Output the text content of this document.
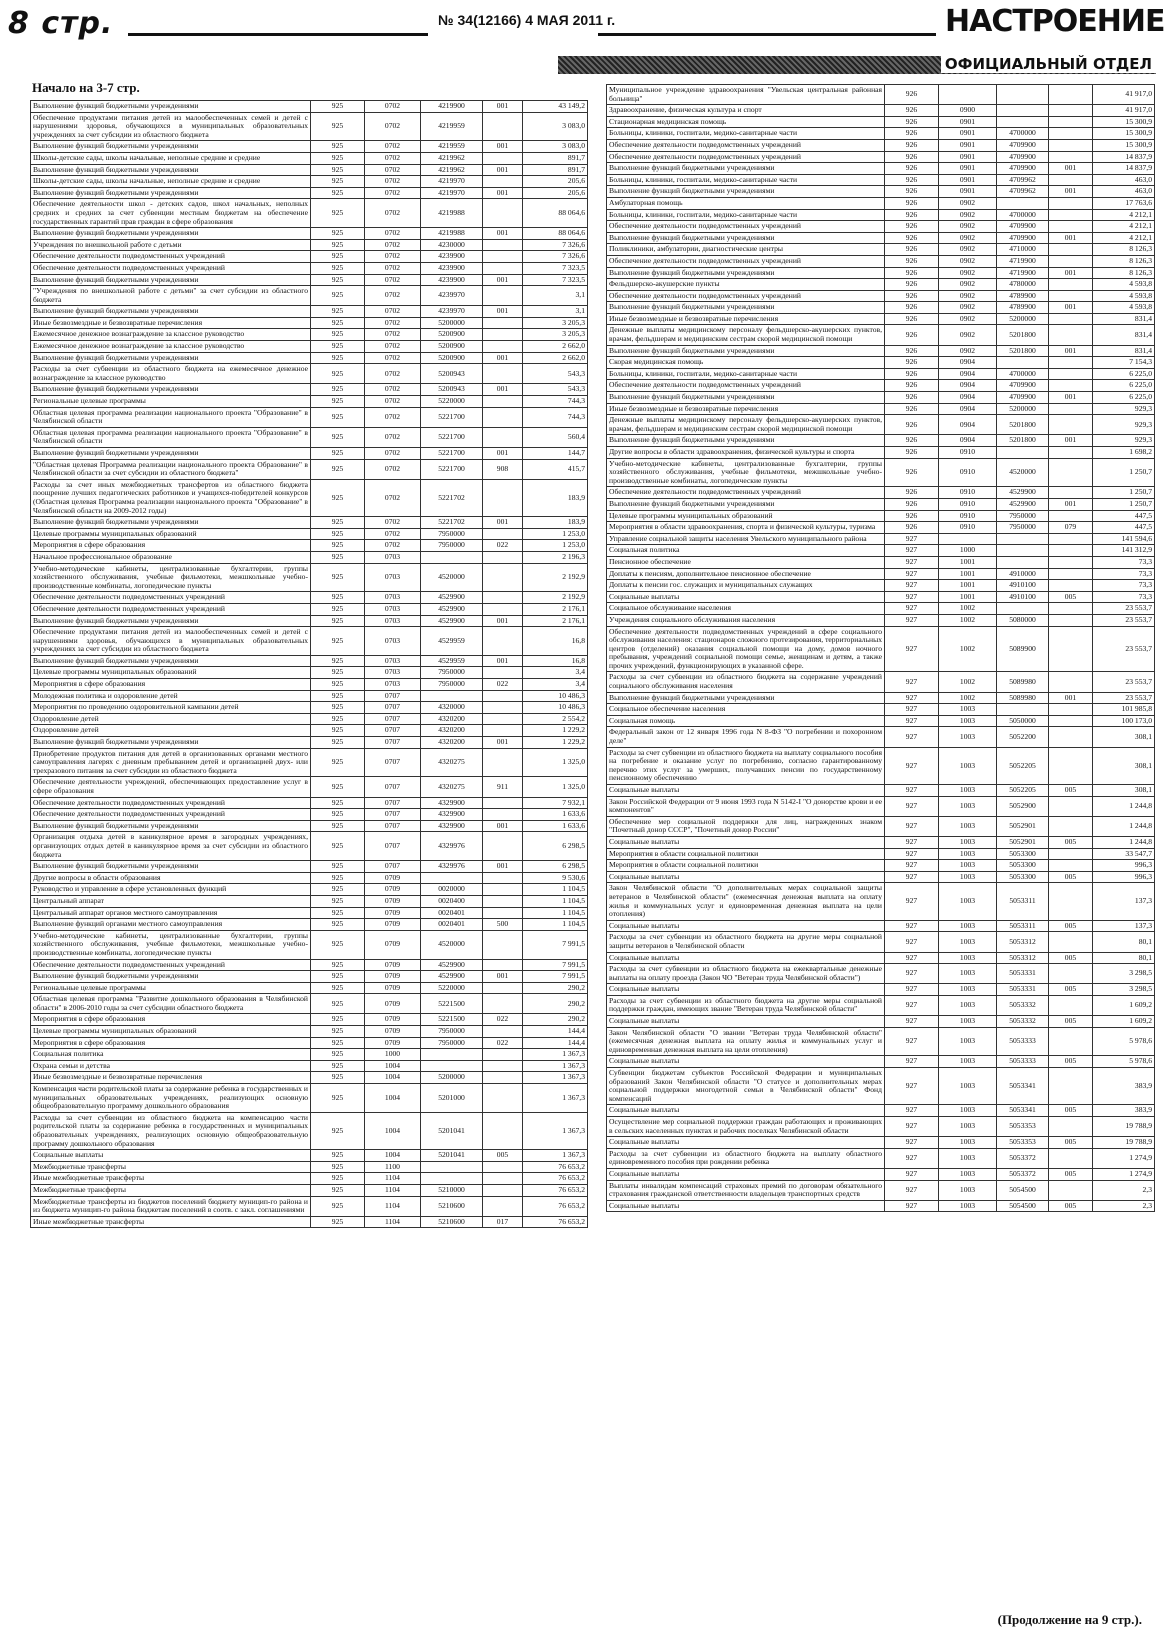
8 стр.	№ 34(12166) 4 МАЯ 2011 г.	НАСТРОЕНИЕ
ОФИЦИАЛЬНЫЙ ОТДЕЛ
Начало на 3-7 стр.
Выполнение функций бюджетными учреждениями	925	0702	4219900	001	43 149,2
Обеспечение продуктами питания детей из малообеспеченных семей и детей с нарушениями здоровья, обучающихся в муниципальных образовательных учреждениях за счет субсидии из областного бюджета	925	0702	4219959		3 083,0
Выполнение функций бюджетными учреждениями	925	0702	4219959	001	3 083,0
Школы-детские сады, школы начальные, неполные средние и средние	925	0702	4219962		891,7
Выполнение функций бюджетными учреждениями	925	0702	4219962	001	891,7
Школы-детские сады, школы начальные, неполные средние и средние	925	0702	4219970		205,6
Выполнение функций бюджетными учреждениями	925	0702	4219970	001	205,6
Обеспечение деятельности школ - детских садов, школ начальных, неполных средних и средних за счет субвенции местным бюджетам на обеспечение государственных гарантий прав граждан в сфере образования	925	0702	4219988		88 064,6
Выполнение функций бюджетными учреждениями	925	0702	4219988	001	88 064,6
Учреждения по внешкольной работе с детьми	925	0702	4230000		7 326,6
Обеспечение деятельности подведомственных учреждений	925	0702	4239900		7 326,6
Обеспечение деятельности подведомственных учреждений	925	0702	4239900		7 323,5
Выполнение функций бюджетными учреждениями	925	0702	4239900	001	7 323,5
"Учреждения по внешкольной работе с детьми" за счет субсидии из областного бюджета	925	0702	4239970		3,1
Выполнение функций бюджетными учреждениями	925	0702	4239970	001	3,1
Иные безвозмездные и безвозвратные перечисления	925	0702	5200000		3 205,3
Ежемесячное денежное вознаграждение за классное руководство	925	0702	5200900		3 205,3
Ежемесячное денежное вознаграждение за классное руководство	925	0702	5200900		2 662,0
Выполнение функций бюджетными учреждениями	925	0702	5200900	001	2 662,0
Расходы за счет субвенции из областного бюджета на ежемесячное денежное вознаграждение за классное руководство	925	0702	5200943		543,3
Выполнение функций бюджетными учреждениями	925	0702	5200943	001	543,3
Региональные целевые программы	925	0702	5220000		744,3
Областная целевая программа реализации национального проекта "Образование" в Челябинской области	925	0702	5221700		744,3
Областная целевая программа реализации национального проекта "Образование" в Челябинской области	925	0702	5221700		560,4
Выполнение функций бюджетными учреждениями	925	0702	5221700	001	144,7
"Областная целевая Программа реализации национального проекта Образование" в Челябинской области за счет субсидии из областного бюджета"	925	0702	5221700	908	415,7
Расходы за счет иных межбюджетных трансфертов из областного бюджета поощрение лучших педагогических работников и учащихся-победителей конкурсов (Областная целевая Программа реализации национального проекта "Образование" в Челябинской области на 2009-2012 годы)	925	0702	5221702		183,9
Выполнение функций бюджетными учреждениями	925	0702	5221702	001	183,9
Целевые программы муниципальных образований	925	0702	7950000		1 253,0
Мероприятия в сфере образования	925	0702	7950000	022	1 253,0
Начальное профессиональное образование	925	0703			2 196,3
Учебно-методические кабинеты, централизованные бухгалтерии, группы хозяйственного обслуживания, учебные фильмотеки, межшкольные учебно-производственные комбинаты, логопедические пункты	925	0703	4520000		2 192,9
Обеспечение деятельности подведомственных учреждений	925	0703	4529900		2 192,9
Обеспечение деятельности подведомственных учреждений	925	0703	4529900		2 176,1
Выполнение функций бюджетными учреждениями	925	0703	4529900	001	2 176,1
Обеспечение продуктами питания детей из малообеспеченных семей и детей с нарушениями здоровья, обучающихся в муниципальных образовательных учреждениях за счет субсидии из областного бюджета	925	0703	4529959		16,8
Выполнение функций бюджетными учреждениями	925	0703	4529959	001	16,8
Целевые программы муниципальных образований	925	0703	7950000		3,4
Мероприятия в сфере образования	925	0703	7950000	022	3,4
Молодежная политика и оздоровление детей	925	0707			10 486,3
Мероприятия по проведению оздоровительной кампании детей	925	0707	4320000		10 486,3
Оздоровление детей	925	0707	4320200		2 554,2
Оздоровление детей	925	0707	4320200		1 229,2
Выполнение функций бюджетными учреждениями	925	0707	4320200	001	1 229,2
Приобретение продуктов питания для детей в организованных органами местного самоуправления лагерях с дневным пребыванием детей и организацией двух- или трехразового питания за счет субсидии из областного бюджета	925	0707	4320275		1 325,0
Обеспечение деятельности учреждений, обеспечивающих предоставление услуг в сфере образования	925	0707	4320275	911	1 325,0
Обеспечение деятельности подведомственных учреждений	925	0707	4329900		7 932,1
Обеспечение деятельности подведомственных учреждений	925	0707	4329900		1 633,6
Выполнение функций бюджетными учреждениями	925	0707	4329900	001	1 633,6
Организация отдыха детей в каникулярное время в загородных учреждениях, организующих отдых детей в каникулярное время за счет субсидии из областного бюджета	925	0707	4329976		6 298,5
Выполнение функций бюджетными учреждениями	925	0707	4329976	001	6 298,5
Другие вопросы в области образования	925	0709			9 530,6
Руководство и управление в сфере установленных функций	925	0709	0020000		1 104,5
Центральный аппарат	925	0709	0020400		1 104,5
Центральный аппарат органов местного самоуправления	925	0709	0020401		1 104,5
Выполнение функций органами местного самоуправления	925	0709	0020401	500	1 104,5
Учебно-методические кабинеты, централизованные бухгалтерии, группы хозяйственного обслуживания, учебные фильмотеки, межшкольные учебно-производственные комбинаты, логопедические пункты	925	0709	4520000		7 991,5
Обеспечение деятельности подведомственных учреждений	925	0709	4529900		7 991,5
Выполнение функций бюджетными учреждениями	925	0709	4529900	001	7 991,5
Региональные целевые программы	925	0709	5220000		290,2
Областная целевая программа "Развитие дошкольного образования в Челябинской области" в 2006-2010 годы за счет субсидии областного бюджета	925	0709	5221500		290,2
Мероприятия в сфере образования	925	0709	5221500	022	290,2
Целевые программы муниципальных образований	925	0709	7950000		144,4
Мероприятия в сфере образования	925	0709	7950000	022	144,4
Социальная политика	925	1000			1 367,3
Охрана семьи и детства	925	1004			1 367,3
Иные безвозмездные и безвозвратные перечисления	925	1004	5200000		1 367,3
Компенсация части родительской платы за содержание ребенка в государственных и муниципальных образовательных учреждениях, реализующих основную общеобразовательную программу дошкольного образования	925	1004	5201000		1 367,3
Расходы за счет субвенции из областного бюджета на компенсацию части родительской платы за содержание ребенка в государственных и муниципальных образовательных учреждениях, реализующих основную общеобразовательную программу дошкольного образования	925	1004	5201041		1 367,3
Социальные выплаты	925	1004	5201041	005	1 367,3
Межбюджетные трансферты	925	1100			76 653,2
Иные межбюджетные трансферты	925	1104			76 653,2
Межбюджетные трансферты	925	1104	5210000		76 653,2
Межбюджетные трансферты из бюджетов поселений бюджету муницип-го района и из бюджета муницип-го района бюджетам поселений в соотв. с закл. соглашениями	925	1104	5210600		76 653,2
Иные межбюджетные трансферты	925	1104	5210600	017	76 653,2
Муниципальное учреждение здравоохранения "Увельская центральная районная больница"	926				41 917,0
Здравоохранение, физическая культура и спорт	926	0900			41 917,0
Стационарная медицинская помощь	926	0901			15 300,9
Больницы, клиники, госпитали, медико-санитарные части	926	0901	4700000		15 300,9
Обеспечение деятельности подведомственных учреждений	926	0901	4709900		15 300,9
Обеспечение деятельности подведомственных учреждений	926	0901	4709900		14 837,9
Выполнение функций бюджетными учреждениями	926	0901	4709900	001	14 837,9
Больницы, клиники, госпитали, медико-санитарные части	926	0901	4709962		463,0
Выполнение функций бюджетными учреждениями	926	0901	4709962	001	463,0
Амбулаторная помощь	926	0902			17 763,6
Больницы, клиники, госпитали, медико-санитарные части	926	0902	4700000		4 212,1
Обеспечение деятельности подведомственных учреждений	926	0902	4709900		4 212,1
Выполнение функций бюджетными учреждениями	926	0902	4709900	001	4 212,1
Поликлиники, амбулатории, диагностические центры	926	0902	4710000		8 126,3
Обеспечение деятельности подведомственных учреждений	926	0902	4719900		8 126,3
Выполнение функций бюджетными учреждениями	926	0902	4719900	001	8 126,3
Фельдшерско-акушерские пункты	926	0902	4780000		4 593,8
Обеспечение деятельности подведомственных учреждений	926	0902	4789900		4 593,8
Выполнение функций бюджетными учреждениями	926	0902	4789900	001	4 593,8
Иные безвозмездные и безвозвратные перечисления	926	0902	5200000		831,4
Денежные выплаты медицинскому персоналу фельдшерско-акушерских пунктов, врачам, фельдшерам и медицинским сестрам скорой медицинской помощи	926	0902	5201800		831,4
Выполнение функций бюджетными учреждениями	926	0902	5201800	001	831,4
Скорая медицинская помощь	926	0904			7 154,3
Больницы, клиники, госпитали, медико-санитарные части	926	0904	4700000		6 225,0
Обеспечение деятельности подведомственных учреждений	926	0904	4709900		6 225,0
Выполнение функций бюджетными учреждениями	926	0904	4709900	001	6 225,0
Иные безвозмездные и безвозвратные перечисления	926	0904	5200000		929,3
Денежные выплаты медицинскому персоналу фельдшерско-акушерских пунктов, врачам, фельдшерам и медицинским сестрам скорой медицинской помощи	926	0904	5201800		929,3
Выполнение функций бюджетными учреждениями	926	0904	5201800	001	929,3
Другие вопросы в области здравоохранения, физической культуры и спорта	926	0910			1 698,2
Учебно-методические кабинеты, централизованные бухгалтерии, группы хозяйственного обслуживания, учебные фильмотеки, межшкольные учебно-производственные комбинаты, логопедические пункты	926	0910	4520000		1 250,7
Обеспечение деятельности подведомственных учреждений	926	0910	4529900		1 250,7
Выполнение функций бюджетными учреждениями	926	0910	4529900	001	1 250,7
Целевые программы муниципальных образований	926	0910	7950000		447,5
Мероприятия в области здравоохранения, спорта и физической культуры, туризма	926	0910	7950000	079	447,5
Управление социальной защиты населения Увельского муниципального района	927				141 594,6
Социальная политика	927	1000			141 312,9
Пенсионное обеспечение	927	1001			73,3
Доплаты к пенсиям, дополнительное пенсионное обеспечение	927	1001	4910000		73,3
Доплаты к пенсии гос. служащих и муниципальных служащих	927	1001	4910100		73,3
Социальные выплаты	927	1001	4910100	005	73,3
Социальное обслуживание населения	927	1002			23 553,7
Учреждения социального обслуживания населения	927	1002	5080000		23 553,7
Обеспечение деятельности подведомственных учреждений в сфере социального обслуживания населения: стационаров сложного протезирования, территориальных центров (отделений) оказания социальной помощи на дому, домов ночного пребывания, учреждений социальной помощи семье, женщинам и детям, а также прочих учреждений, функционирующих в указанной сфере.	927	1002	5089900		23 553,7
Расходы за счет субвенции из областного бюджета на содержание учреждений социального обслуживания населения	927	1002	5089980		23 553,7
Выполнение функций бюджетными учреждениями	927	1002	5089980	001	23 553,7
Социальное обеспечение населения	927	1003			101 985,8
Социальная помощь	927	1003	5050000		100 173,0
Федеральный закон от 12 января 1996 года N 8-ФЗ "О погребении и похоронном деле"	927	1003	5052200		308,1
Расходы за счет субвенции из областного бюджета на выплату социального пособия на погребение и оказание услуг по погребению, согласно гарантированному перечню этих услуг за умерших, получавших пенсии по государственному пенсионному обеспечению	927	1003	5052205		308,1
Социальные выплаты	927	1003	5052205	005	308,1
Закон Российской Федерации от 9 июня 1993 года N 5142-I "О донорстве крови и ее компонентов"	927	1003	5052900		1 244,8
Обеспечение мер социальной поддержки для лиц, награжденных знаком "Почетный донор СССР", "Почетный донор России"	927	1003	5052901		1 244,8
Социальные выплаты	927	1003	5052901	005	1 244,8
Мероприятия в области социальной политики	927	1003	5053300		33 547,7
Мероприятия в области социальной политики	927	1003	5053300		996,3
Социальные выплаты	927	1003	5053300	005	996,3
Закон Челябинской области "О дополнительных мерах социальной защиты ветеранов в Челябинской области" (ежемесячная денежная выплата на оплату жилья и коммунальных услуг и единовременная денежная выплата на цели отопления)	927	1003	5053311		137,3
Социальные выплаты	927	1003	5053311	005	137,3
Расходы за счет субвенции из областного бюджета на другие меры социальной защиты ветеранов в Челябинской области	927	1003	5053312		80,1
Социальные выплаты	927	1003	5053312	005	80,1
Расходы за счет субвенции из областного бюджета на ежеквартальные денежные выплаты на оплату проезда (Закон ЧО "Ветеран труда Челябинской области")	927	1003	5053331		3 298,5
Социальные выплаты	927	1003	5053331	005	3 298,5
Расходы за счет субвенции из областного бюджета на другие меры социальной поддержки граждан, имеющих звание "Ветеран труда Челябинской области"	927	1003	5053332		1 609,2
Социальные выплаты	927	1003	5053332	005	1 609,2
Закон Челябинской области "О звании "Ветеран труда Челябинской области" (ежемесячная денежная выплата на оплату жилья и коммунальных услуг и единовременная денежная выплата на цели отопления)	927	1003	5053333		5 978,6
Социальные выплаты	927	1003	5053333	005	5 978,6
Субвенции бюджетам субъектов Российской Федерации и муниципальных образований Закон Челябинской области "О статусе и дополнительных мерах социальной поддержки многодетной семьи в Челябинской области" Фонд компенсаций	927	1003	5053341		383,9
Социальные выплаты	927	1003	5053341	005	383,9
Осуществление мер социальной поддержки граждан работающих и проживающих в сельских населенных пунктах и рабочих поселках Челябинской области	927	1003	5053353		19 788,9
Социальные выплаты	927	1003	5053353	005	19 788,9
Расходы за счет субвенции из областного бюджета на выплату областного единовременного пособия при рождении ребенка	927	1003	5053372		1 274,9
Социальные выплаты	927	1003	5053372	005	1 274,9
Выплаты инвалидам компенсаций страховых премий по договорам обязательного страхования гражданской ответственности владельцев транспортных средств	927	1003	5054500		2,3
Социальные выплаты	927	1003	5054500	005	2,3
(Продолжение на 9 стр.).
